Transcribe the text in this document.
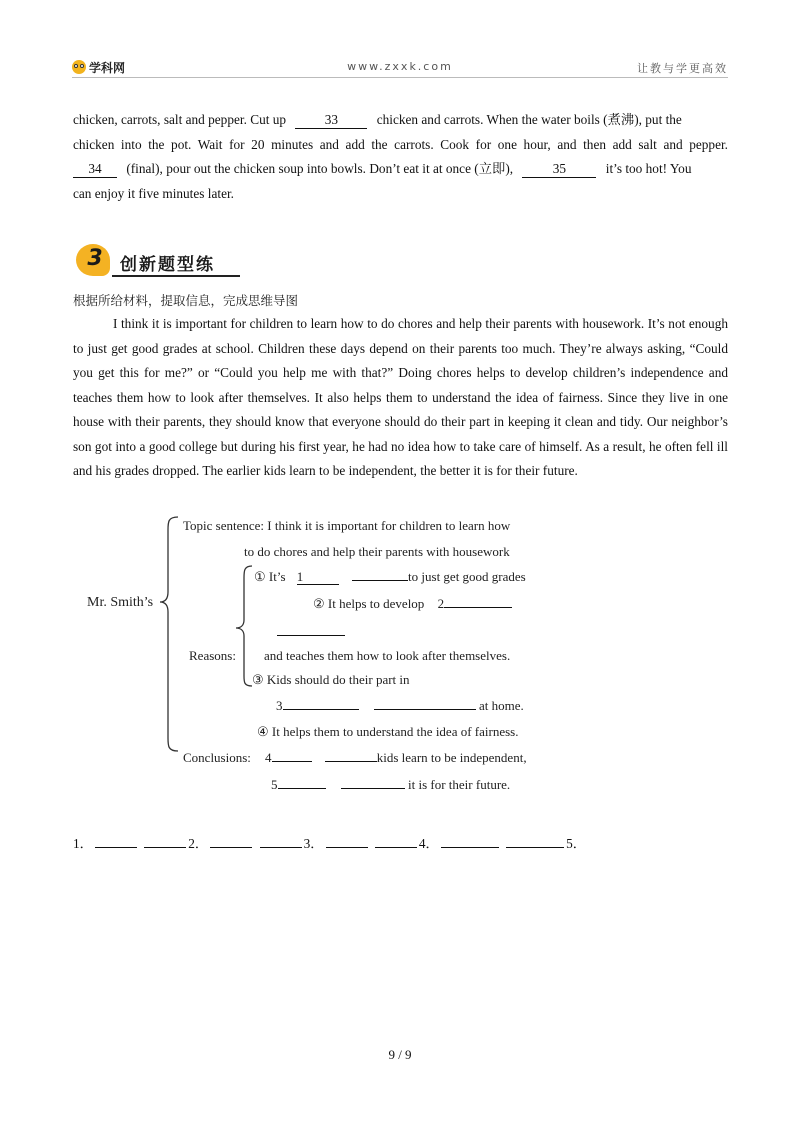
学科网	www.zxxk.com	让教与学更高效
chicken, carrots, salt and pepper. Cut up	33	chicken and carrots. When the water boils (煮沸), put the
chicken into the pot. Wait for 20 minutes and add the carrots. Cook for one hour, and then add salt and pepper.
34 (final), pour out the chicken soup into bowls. Don’t eat it at once (立即),	35	it’s too hot! You
can enjoy it five minutes later.
3	创新题型练
根据所给材料，提取信息，完成思维导图
I think it is important for children to learn how to do chores and help their parents with housework. It’s not enough to just get good grades at school. Children these days depend on their parents too much. They’re always asking, “Could you get this for me?” or “Could you help me with that?” Doing chores helps to develop children’s independence and teaches them how to look after themselves. It also helps them to understand the idea of fairness. Since they live in one house with their parents, they should know that everyone should do their part in keeping it clean and tidy. Our neighbor’s son got into a good college but during his first year, he had no idea how to take care of himself. As a result, he often fell ill and his grades dropped. The earlier kids learn to be independent, the better it is for their future.
Mr. Smith’s
Topic sentence: I think it is important for children to learn how
to do chores and help their parents with housework
① It’s 1	to just get good grades
② It helps to develop 2
Reasons: and teaches them how to look after themselves.
③ Kids should do their part in
3	at home.
④ It helps them to understand the idea of fairness.
Conclusions: 4	kids learn to be independent,
5	it is for their future.
1．	2．	3．	4．	5．
9 / 9
